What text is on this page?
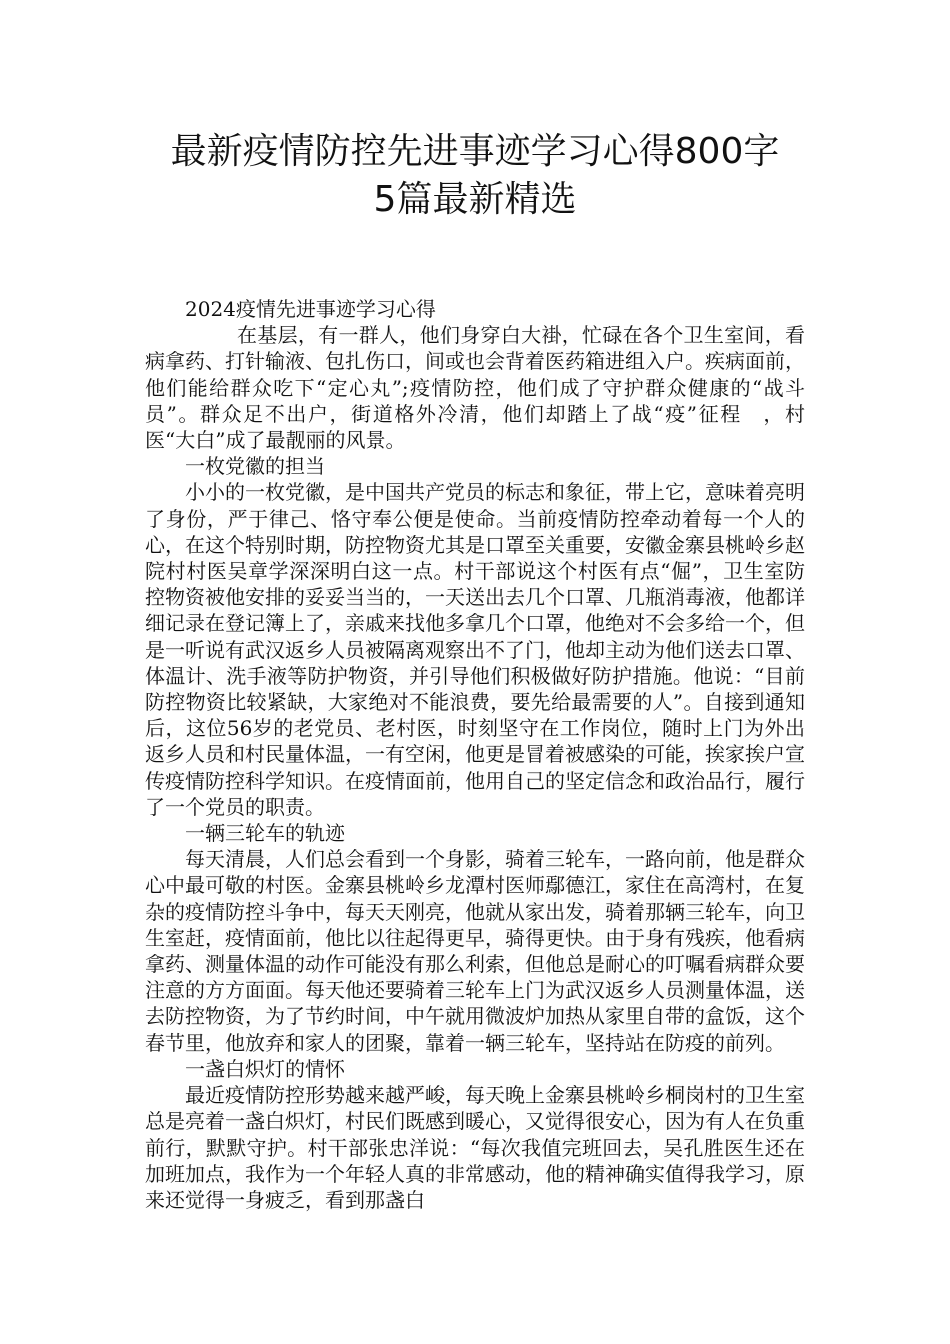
最新疫情防控先进事迹学习心得800字
5篇最新精选

2024疫情先进事迹学习心得

在基层，有一群人，他们身穿白大褂，忙碌在各个卫生室间，看病拿药、打针输液、包扎伤口，间或也会背着医药箱进组入户。疾病面前，他们能给群众吃下“定心丸”;疫情防控，他们成了守护群众健康的“战斗员”。群众足不出户，街道格外冷清，他们却踏上了战“疫”征程　，村医“大白”成了最靓丽的风景。

一枚党徽的担当

小小的一枚党徽，是中国共产党员的标志和象征，带上它，意味着亮明了身份，严于律己、恪守奉公便是使命。当前疫情防控牵动着每一个人的心，在这个特别时期，防控物资尤其是口罩至关重要，安徽金寨县桃岭乡赵院村村医吴章学深深明白这一点。村干部说这个村医有点“倔”，卫生室防控物资被他安排的妥妥当当的，一天送出去几个口罩、几瓶消毒液，他都详细记录在登记簿上了，亲戚来找他多拿几个口罩，他绝对不会多给一个，但是一听说有武汉返乡人员被隔离观察出不了门，他却主动为他们送去口罩、体温计、洗手液等防护物资，并引导他们积极做好防护措施。他说：“目前防控物资比较紧缺，大家绝对不能浪费，要先给最需要的人”。自接到通知后，这位56岁的老党员、老村医，时刻坚守在工作岗位，随时上门为外出返乡人员和村民量体温，一有空闲，他更是冒着被感染的可能，挨家挨户宣传疫情防控科学知识。在疫情面前，他用自己的坚定信念和政治品行，履行了一个党员的职责。

一辆三轮车的轨迹

每天清晨，人们总会看到一个身影，骑着三轮车，一路向前，他是群众心中最可敬的村医。金寨县桃岭乡龙潭村医师鄢德江，家住在高湾村，在复杂的疫情防控斗争中，每天天刚亮，他就从家出发，骑着那辆三轮车，向卫生室赶，疫情面前，他比以往起得更早，骑得更快。由于身有残疾，他看病拿药、测量体温的动作可能没有那么利索，但他总是耐心的叮嘱看病群众要注意的方方面面。每天他还要骑着三轮车上门为武汉返乡人员测量体温，送去防控物资，为了节约时间，中午就用微波炉加热从家里自带的盒饭，这个春节里，他放弃和家人的团聚，靠着一辆三轮车，坚持站在防疫的前列。

一盏白炽灯的情怀

最近疫情防控形势越来越严峻，每天晚上金寨县桃岭乡桐岗村的卫生室总是亮着一盏白炽灯，村民们既感到暖心，又觉得很安心，因为有人在负重前行，默默守护。村干部张忠洋说：“每次我值完班回去，吴孔胜医生还在加班加点，我作为一个年轻人真的非常感动，他的精神确实值得我学习，原来还觉得一身疲乏，看到那盏白
